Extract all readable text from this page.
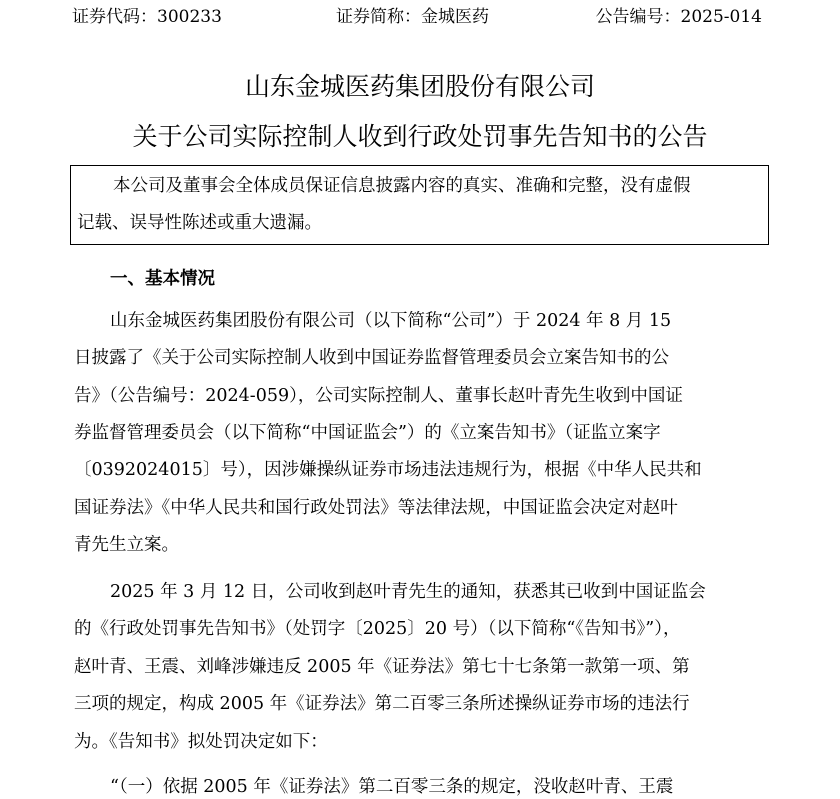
证券代码：300233	证券简称：金城医药	公告编号：2025-014
山东金城医药集团股份有限公司
关于公司实际控制人收到行政处罚事先告知书的公告
本公司及董事会全体成员保证信息披露内容的真实、准确和完整，没有虚假
记载、误导性陈述或重大遗漏。
一、基本情况
山东金城医药集团股份有限公司（以下简称“公司”）于 2024 年 8 月 15
日披露了《关于公司实际控制人收到中国证券监督管理委员会立案告知书的公
告》（公告编号：2024-059），公司实际控制人、董事长赵叶青先生收到中国证
券监督管理委员会（以下简称“中国证监会”）的《立案告知书》（证监立案字
〔0392024015〕号），因涉嫌操纵证券市场违法违规行为，根据《中华人民共和
国证券法》《中华人民共和国行政处罚法》等法律法规，中国证监会决定对赵叶
青先生立案。
2025 年 3 月 12 日，公司收到赵叶青先生的通知，获悉其已收到中国证监会
的《行政处罚事先告知书》（处罚字〔2025〕20 号）（以下简称“《告知书》”），
赵叶青、王震、刘峰涉嫌违反 2005 年《证券法》第七十七条第一款第一项、第
三项的规定，构成 2005 年《证券法》第二百零三条所述操纵证券市场的违法行
为。《告知书》拟处罚决定如下：
“（一）依据 2005 年《证券法》第二百零三条的规定，没收赵叶青、王震
